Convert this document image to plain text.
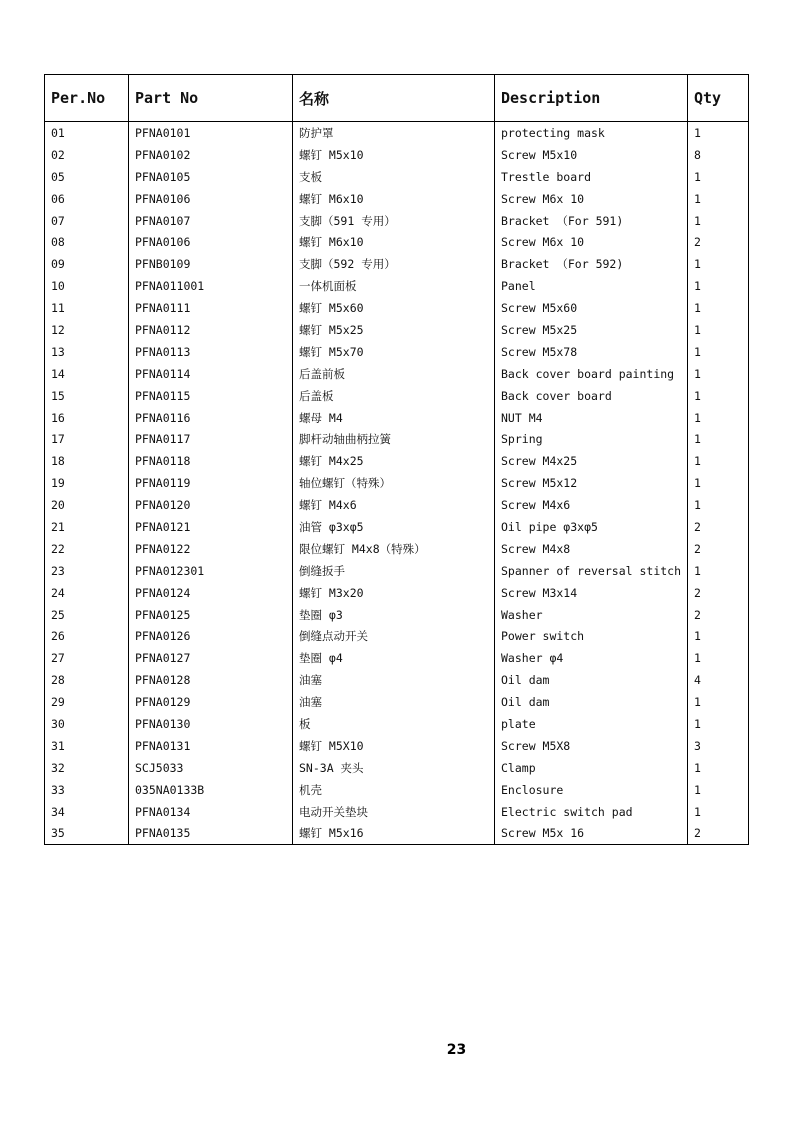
Per.No	Part No	名称	Description	Qty
01	PFNA0101	防护罩	protecting mask	1
02	PFNA0102	螺钉 M5x10	Screw M5x10	8
05	PFNA0105	支板	Trestle board	1
06	PFNA0106	螺钉 M6x10	Screw M6x 10	1
07	PFNA0107	支脚（591 专用）	Bracket （For 591)	1
08	PFNA0106	螺钉 M6x10	Screw M6x 10	2
09	PFNB0109	支脚（592 专用）	Bracket （For 592)	1
10	PFNA011001	一体机面板	Panel	1
11	PFNA0111	螺钉 M5x60	Screw M5x60	1
12	PFNA0112	螺钉 M5x25	Screw M5x25	1
13	PFNA0113	螺钉 M5x70	Screw M5x78	1
14	PFNA0114	后盖前板	Back cover board painting	1
15	PFNA0115	后盖板	Back cover board	1
16	PFNA0116	螺母 M4	NUT M4	1
17	PFNA0117	脚杆动轴曲柄拉簧	Spring	1
18	PFNA0118	螺钉 M4x25	Screw M4x25	1
19	PFNA0119	轴位螺钉（特殊）	Screw M5x12	1
20	PFNA0120	螺钉 M4x6	Screw M4x6	1
21	PFNA0121	油管 φ3xφ5	Oil pipe φ3xφ5	2
22	PFNA0122	限位螺钉 M4x8（特殊）	Screw M4x8	2
23	PFNA012301	倒缝扳手	Spanner of reversal stitch	1
24	PFNA0124	螺钉 M3x20	Screw M3x14	2
25	PFNA0125	垫圈 φ3	Washer	2
26	PFNA0126	倒缝点动开关	Power switch	1
27	PFNA0127	垫圈 φ4	Washer φ4	1
28	PFNA0128	油塞	Oil dam	4
29	PFNA0129	油塞	Oil dam	1
30	PFNA0130	板	plate	1
31	PFNA0131	螺钉 M5X10	Screw M5X8	3
32	SCJ5033	SN-3A 夹头	Clamp	1
33	035NA0133B	机壳	Enclosure	1
34	PFNA0134	电动开关垫块	Electric switch pad	1
35	PFNA0135	螺钉 M5x16	Screw M5x 16	2
23
